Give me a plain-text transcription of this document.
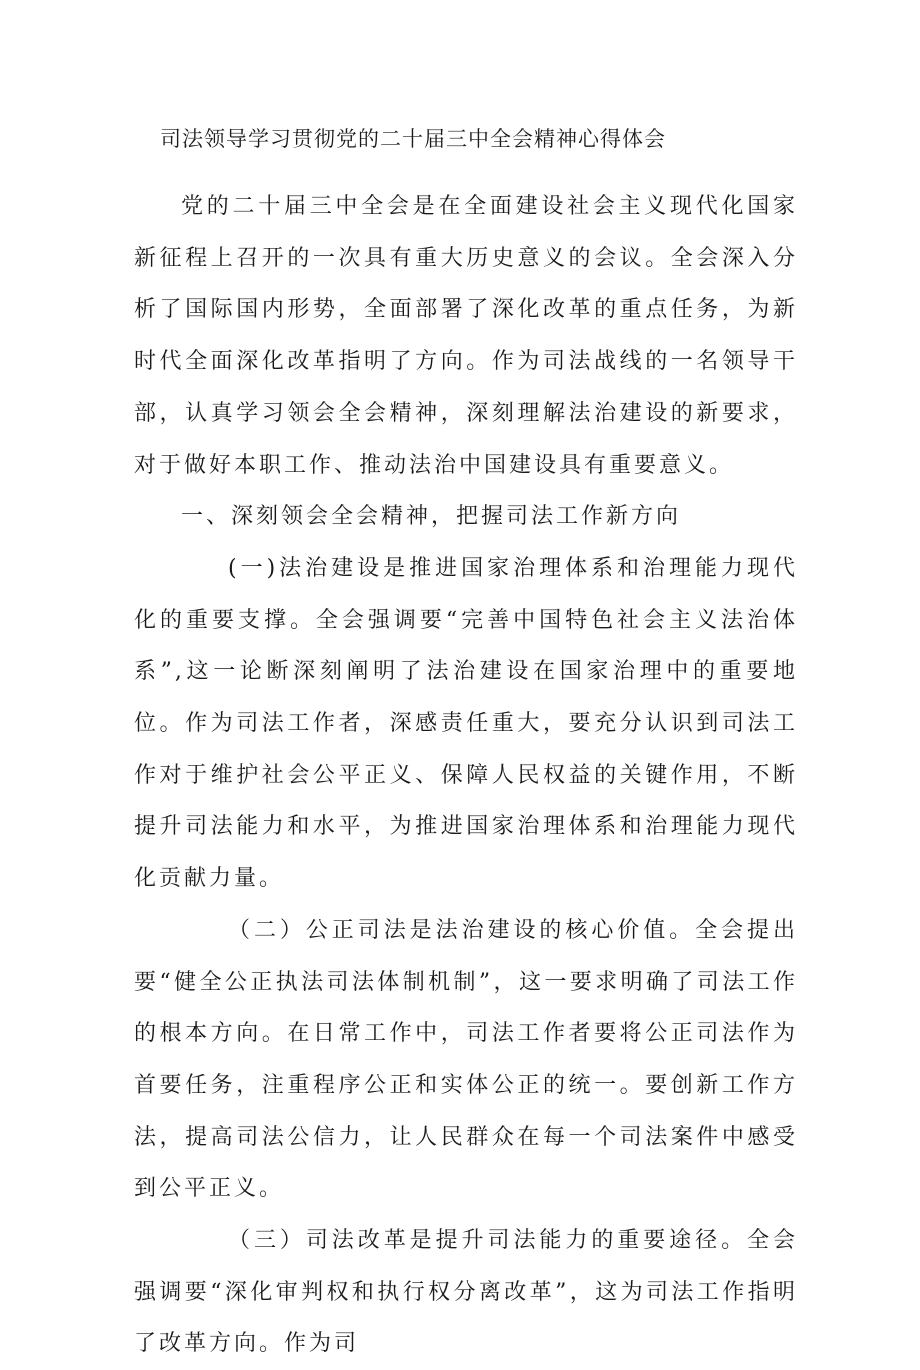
司法领导学习贯彻党的二十届三中全会精神心得体会

党的二十届三中全会是在全面建设社会主义现代化国家新征程上召开的一次具有重大历史意义的会议。全会深入分析了国际国内形势，全面部署了深化改革的重点任务，为新时代全面深化改革指明了方向。作为司法战线的一名领导干部，认真学习领会全会精神，深刻理解法治建设的新要求，对于做好本职工作、推动法治中国建设具有重要意义。

一、深刻领会全会精神，把握司法工作新方向

(一)法治建设是推进国家治理体系和治理能力现代化的重要支撑。全会强调要“完善中国特色社会主义法治体系”,这一论断深刻阐明了法治建设在国家治理中的重要地位。作为司法工作者，深感责任重大，要充分认识到司法工作对于维护社会公平正义、保障人民权益的关键作用，不断提升司法能力和水平，为推进国家治理体系和治理能力现代化贡献力量。

（二）公正司法是法治建设的核心价值。全会提出要“健全公正执法司法体制机制”，这一要求明确了司法工作的根本方向。在日常工作中，司法工作者要将公正司法作为首要任务，注重程序公正和实体公正的统一。要创新工作方法，提高司法公信力，让人民群众在每一个司法案件中感受到公平正义。

（三）司法改革是提升司法能力的重要途径。全会强调要“深化审判权和执行权分离改革”，这为司法工作指明了改革方向。作为司
